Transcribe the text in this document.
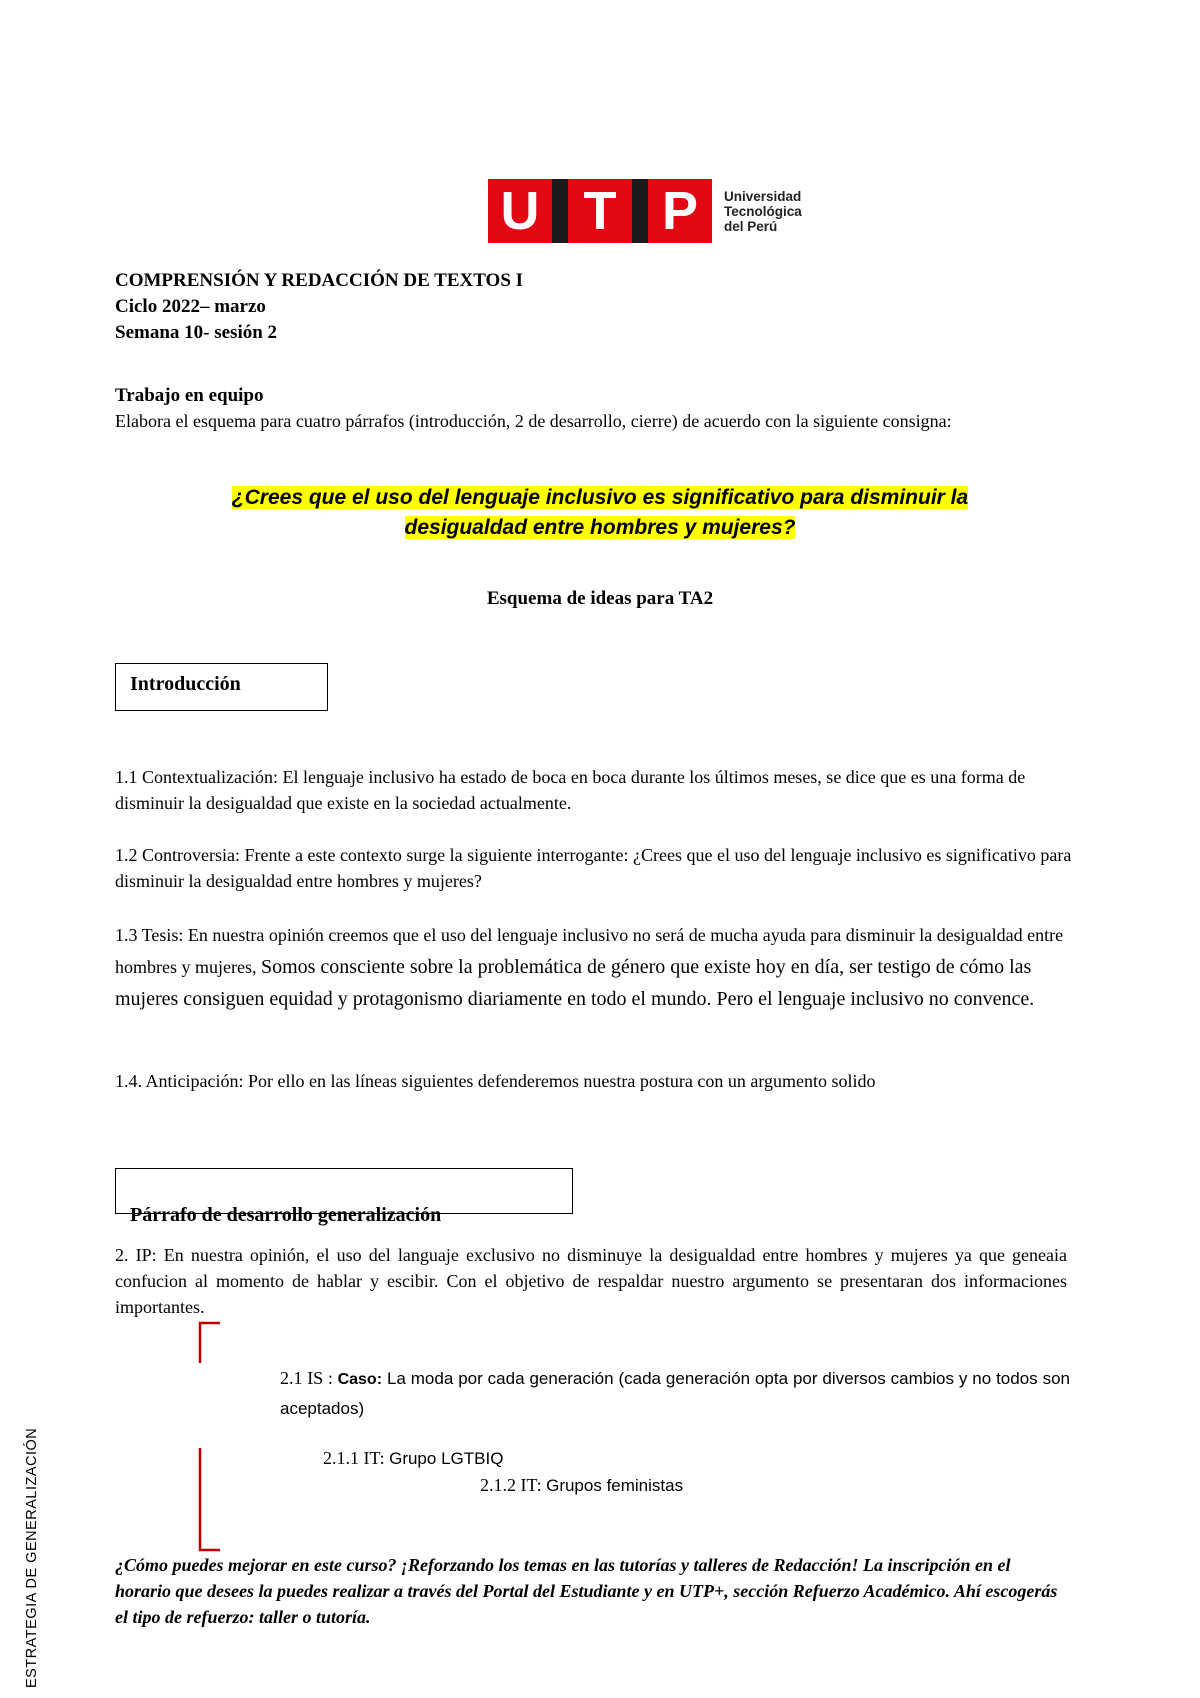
U T P	Universidad
Tecnológica
del Perú
COMPRENSIÓN Y REDACCIÓN DE TEXTOS I
Ciclo 2022– marzo
Semana 10- sesión 2
Trabajo en equipo
Elabora el esquema para cuatro párrafos (introducción, 2 de desarrollo, cierre) de acuerdo con la siguiente consigna:
¿Crees que el uso del lenguaje inclusivo es significativo para disminuir la
desigualdad entre hombres y mujeres?
Esquema de ideas para TA2
Introducción
1.1 Contextualización: El lenguaje inclusivo ha estado de boca en boca durante los últimos meses, se dice que es una forma de disminuir la desigualdad que existe en la sociedad actualmente.
1.2 Controversia: Frente a este contexto surge la siguiente interrogante: ¿Crees que el uso del lenguaje inclusivo es significativo para disminuir la desigualdad entre hombres y mujeres?
1.3 Tesis: En nuestra opinión creemos que el uso del lenguaje inclusivo no será de mucha ayuda para disminuir la desigualdad entre hombres y mujeres, Somos consciente sobre la problemática de género que existe hoy en día, ser testigo de cómo las mujeres consiguen equidad y protagonismo diariamente en todo el mundo. Pero el lenguaje inclusivo no convence.
1.4. Anticipación: Por ello en las líneas siguientes defenderemos nuestra postura con un argumento solido
Párrafo de desarrollo generalización
2. IP: En nuestra opinión, el uso del languaje exclusivo no disminuye la desigualdad entre hombres y mujeres ya que geneaia confucion al momento de hablar y escibir. Con el objetivo de respaldar nuestro argumento se presentaran dos informaciones importantes.
2.1 IS : Caso: La moda por cada generación (cada generación opta por diversos cambios y no todos son aceptados)
2.1.1 IT: Grupo LGTBIQ
2.1.2 IT: Grupos feministas
¿Cómo puedes mejorar en este curso? ¡Reforzando los temas en las tutorías y talleres de Redacción! La inscripción en el horario que desees la puedes realizar a través del Portal del Estudiante y en UTP+, sección Refuerzo Académico. Ahí escogerás el tipo de refuerzo: taller o tutoría.
ESTRATEGIA DE GENERALIZACIÓN
